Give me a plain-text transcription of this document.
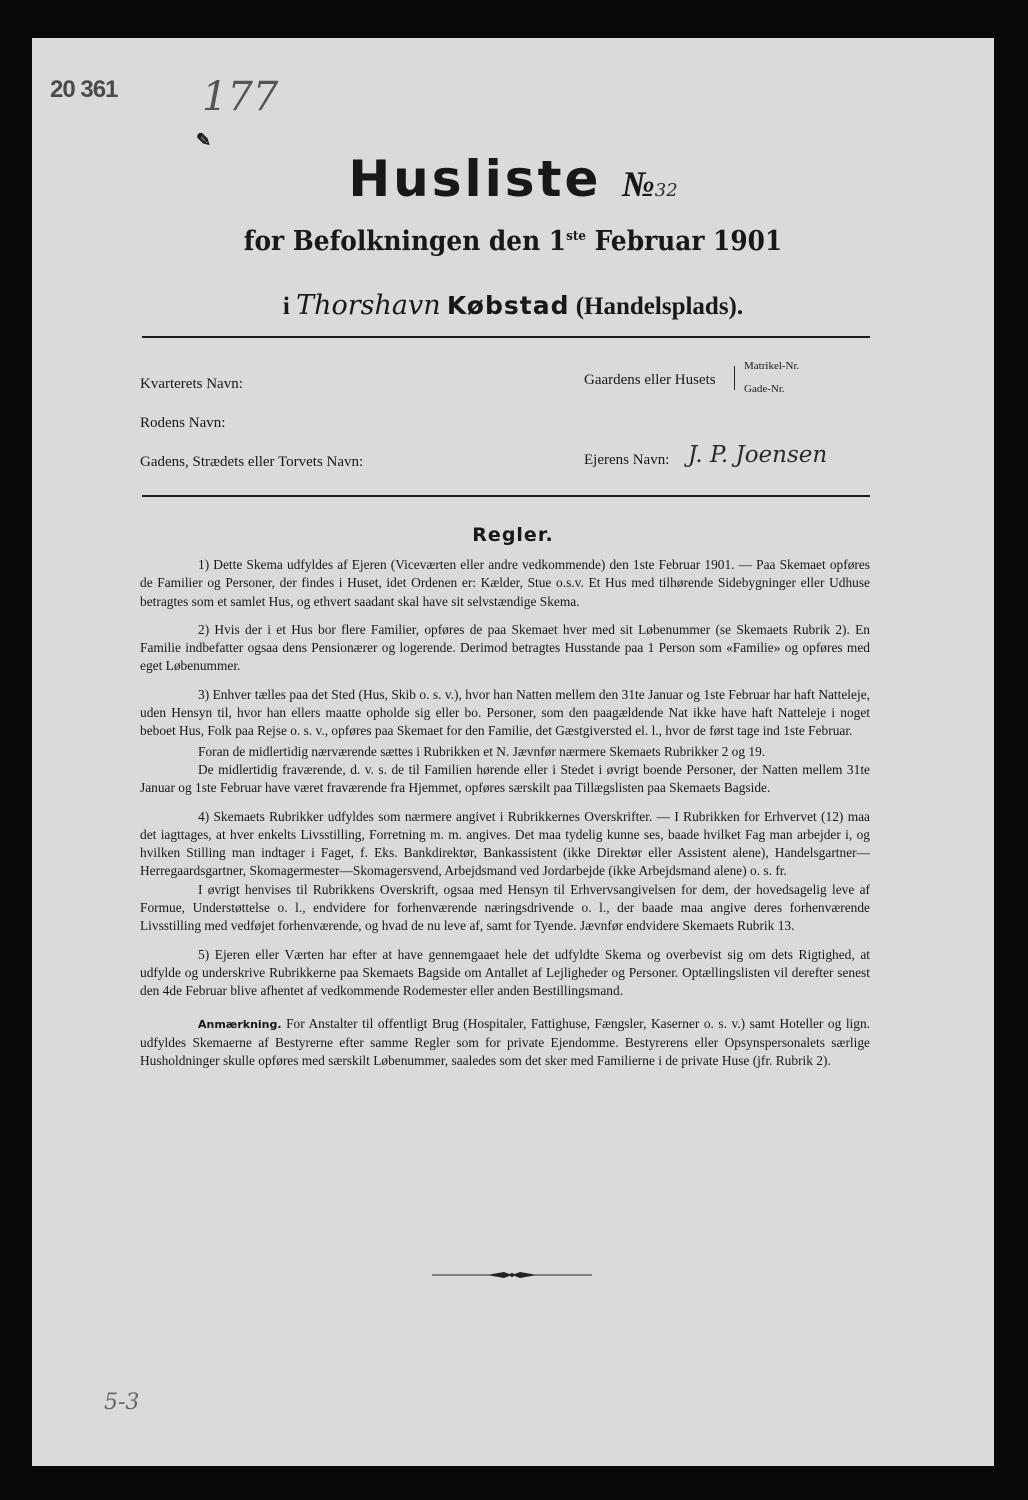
20 361 177
✎
Husliste №32
for Befolkningen den 1ste Februar 1901
i Thorshavn Købstad (Handelsplads).
Kvarterets Navn:	Gaardens eller Husets
Matrikel-Nr.
Gade-Nr.
Rodens Navn:
Gadens, Strædets eller Torvets Navn:	Ejerens Navn: J. P. Joensen
Regler.

1) Dette Skema udfyldes af Ejeren (Viceværten eller andre vedkommende) den 1ste Februar 1901. — Paa Skemaet opføres de Familier og Personer, der findes i Huset, idet Ordenen er: Kælder, Stue o.s.v. Et Hus med tilhørende Sidebygninger eller Udhuse betragtes som et samlet Hus, og ethvert saadant skal have sit selvstændige Skema.

2) Hvis der i et Hus bor flere Familier, opføres de paa Skemaet hver med sit Løbenummer (se Skemaets Rubrik 2). En Familie indbefatter ogsaa dens Pensionærer og logerende. Derimod betragtes Husstande paa 1 Person som «Familie» og opføres med eget Løbenummer.

3) Enhver tælles paa det Sted (Hus, Skib o. s. v.), hvor han Natten mellem den 31te Januar og 1ste Februar har haft Natteleje, uden Hensyn til, hvor han ellers maatte opholde sig eller bo. Personer, som den paagældende Nat ikke have haft Natteleje i noget beboet Hus, Folk paa Rejse o. s. v., opføres paa Skemaet for den Familie, det Gæstgiversted el. l., hvor de først tage ind 1ste Februar.

Foran de midlertidig nærværende sættes i Rubrikken et N. Jævnfør nærmere Skemaets Rubrikker 2 og 19.

De midlertidig fraværende, d. v. s. de til Familien hørende eller i Stedet i øvrigt boende Personer, der Natten mellem 31te Januar og 1ste Februar have været fraværende fra Hjemmet, opføres særskilt paa Tillægslisten paa Skemaets Bagside.

4) Skemaets Rubrikker udfyldes som nærmere angivet i Rubrikkernes Overskrifter. — I Rubrikken for Erhvervet (12) maa det iagttages, at hver enkelts Livsstilling, Forretning m. m. angives. Det maa tydelig kunne ses, baade hvilket Fag man arbejder i, og hvilken Stilling man indtager i Faget, f. Eks. Bankdirektør, Bankassistent (ikke Direktør eller Assistent alene), Handelsgartner—Herregaardsgartner, Skomagermester—Skomagersvend, Arbejdsmand ved Jordarbejde (ikke Arbejdsmand alene) o. s. fr.

I øvrigt henvises til Rubrikkens Overskrift, ogsaa med Hensyn til Erhvervsangivelsen for dem, der hovedsagelig leve af Formue, Understøttelse o. l., endvidere for forhenværende næringsdrivende o. l., der baade maa angive deres forhenværende Livsstilling med vedføjet forhenværende, og hvad de nu leve af, samt for Tyende. Jævnfør endvidere Skemaets Rubrik 13.

5) Ejeren eller Værten har efter at have gennemgaaet hele det udfyldte Skema og overbevist sig om dets Rigtighed, at udfylde og underskrive Rubrikkerne paa Skemaets Bagside om Antallet af Lejligheder og Personer. Optællingslisten vil derefter senest den 4de Februar blive afhentet af vedkommende Rodemester eller anden Bestillingsmand.

Anmærkning. For Anstalter til offentligt Brug (Hospitaler, Fattighuse, Fængsler, Kaserner o. s. v.) samt Hoteller og lign. udfyldes Skemaerne af Bestyrerne efter samme Regler som for private Ejendomme. Bestyrerens eller Opsynspersonalets særlige Husholdninger skulle opføres med særskilt Løbenummer, saaledes som det sker med Familierne i de private Huse (jfr. Rubrik 2).

5-3
